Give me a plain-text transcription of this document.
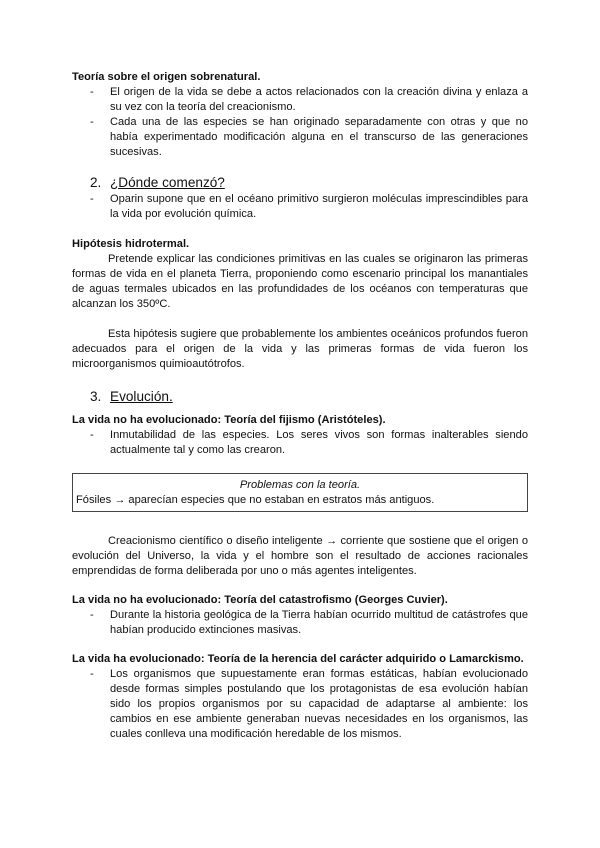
Teoría sobre el origen sobrenatural.

- El origen de la vida se debe a actos relacionados con la creación divina y enlaza a su vez con la teoría del creacionismo.
- Cada una de las especies se han originado separadamente con otras y que no había experimentado modificación alguna en el transcurso de las generaciones sucesivas.

2. ¿Dónde comenzó?

- Oparin supone que en el océano primitivo surgieron moléculas imprescindibles para la vida por evolución química.

Hipótesis hidrotermal.

Pretende explicar las condiciones primitivas en las cuales se originaron las primeras formas de vida en el planeta Tierra, proponiendo como escenario principal los manantiales de aguas termales ubicados en las profundidades de los océanos con temperaturas que alcanzan los 350ºC.

Esta hipótesis sugiere que probablemente los ambientes oceánicos profundos fueron adecuados para el origen de la vida y las primeras formas de vida fueron los microorganismos quimioautótrofos.

3. Evolución.

La vida no ha evolucionado: Teoría del fijismo (Aristóteles).

- Inmutabilidad de las especies. Los seres vivos son formas inalterables siendo actualmente tal y como las crearon.
Problemas con la teoría.
Fósiles → aparecían especies que no estaban en estratos más antiguos.

Creacionismo científico o diseño inteligente → corriente que sostiene que el origen o evolución del Universo, la vida y el hombre son el resultado de acciones racionales emprendidas de forma deliberada por uno o más agentes inteligentes.

La vida no ha evolucionado: Teoría del catastrofismo (Georges Cuvier).

- Durante la historia geológica de la Tierra habían ocurrido multitud de catástrofes que habían producido extinciones masivas.

La vida ha evolucionado: Teoría de la herencia del carácter adquirido o Lamarckismo.

- Los organismos que supuestamente eran formas estáticas, habían evolucionado desde formas simples postulando que los protagonistas de esa evolución habían sido los propios organismos por su capacidad de adaptarse al ambiente: los cambios en ese ambiente generaban nuevas necesidades en los organismos, las cuales conlleva una modificación heredable de los mismos.
